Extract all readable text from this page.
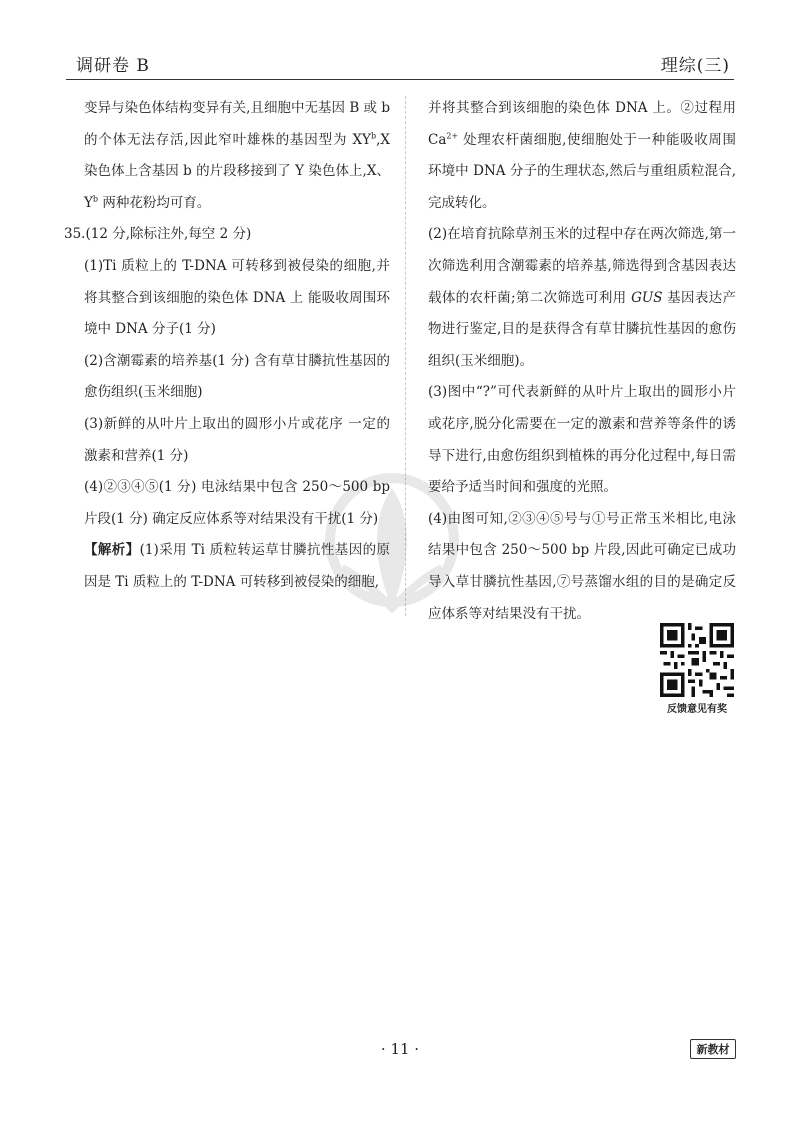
调研卷 B	理综(三)

变异与染色体结构变异有关,且细胞中无基因 B 或 b 的个体无法存活,因此窄叶雄株的基因型为 $XY^b,X$ 染色体上含基因 b 的片段移接到了 Y 染色体上,X、$Y^b$ 两种花粉均可育。

35.(12 分,除标注外,每空 2 分)

(1)Ti 质粒上的 T-DNA 可转移到被侵染的细胞,并将其整合到该细胞的染色体 DNA 上 能吸收周围环境中 DNA 分子(1 分)

(2)含潮霉素的培养基(1 分) 含有草甘膦抗性基因的愈伤组织(玉米细胞)

(3)新鲜的从叶片上取出的圆形小片或花序 一定的激素和营养(1 分)

(4)②③④⑤(1 分) 电泳结果中包含 250～500 bp 片段(1 分) 确定反应体系等对结果没有干扰(1 分)

【解析】(1)采用 Ti 质粒转运草甘膦抗性基因的原因是 Ti 质粒上的 T-DNA 可转移到被侵染的细胞,

并将其整合到该细胞的染色体 DNA 上。②过程用 $Ca^{2+}$ 处理农杆菌细胞,使细胞处于一种能吸收周围环境中 DNA 分子的生理状态,然后与重组质粒混合,完成转化。

(2)在培育抗除草剂玉米的过程中存在两次筛选,第一次筛选利用含潮霉素的培养基,筛选得到含基因表达载体的农杆菌;第二次筛选可利用 GUS 基因表达产物进行鉴定,目的是获得含有草甘膦抗性基因的愈伤组织(玉米细胞)。

(3)图中“?”可代表新鲜的从叶片上取出的圆形小片或花序,脱分化需要在一定的激素和营养等条件的诱导下进行,由愈伤组织到植株的再分化过程中,每日需要给予适当时间和强度的光照。

(4)由图可知,②③④⑤号与①号正常玉米相比,电泳结果中包含 250～500 bp 片段,因此可确定已成功导入草甘膦抗性基因,⑦号蒸馏水组的目的是确定反应体系等对结果没有干扰。

反馈意见有奖
· 11 ·	新教材
